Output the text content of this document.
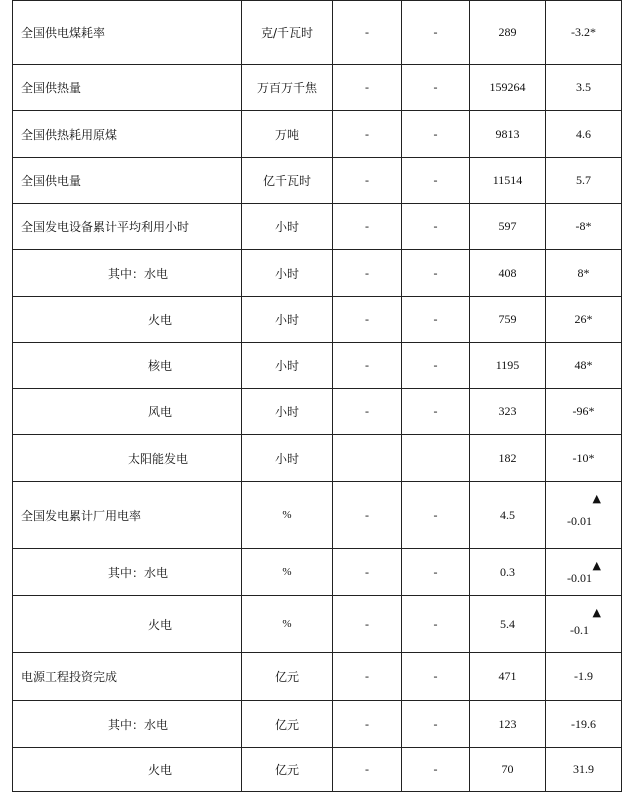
全国供电煤耗率	克/千瓦时	-	-	289	-3.2*
全国供热量	万百万千焦	-	-	159264	3.5
全国供热耗用原煤	万吨	-	-	9813	4.6
全国供电量	亿千瓦时	-	-	11514	5.7
全国发电设备累计平均利用小时	小时	-	-	597	-8*
其中：水电	小时	-	-	408	8*
火电	小时	-	-	759	26*
核电	小时	-	-	1195	48*
风电	小时	-	-	323	-96*
太阳能发电	小时			182	-10*
全国发电累计厂用电率	%	-	-	4.5	-0.01
▲

其中：水电	%	-	-	0.3	-0.01
▲

火电	%	-	-	5.4	-0.1
▲

电源工程投资完成	亿元	-	-	471	-1.9
其中：水电	亿元	-	-	123	-19.6
火电	亿元	-	-	70	31.9
